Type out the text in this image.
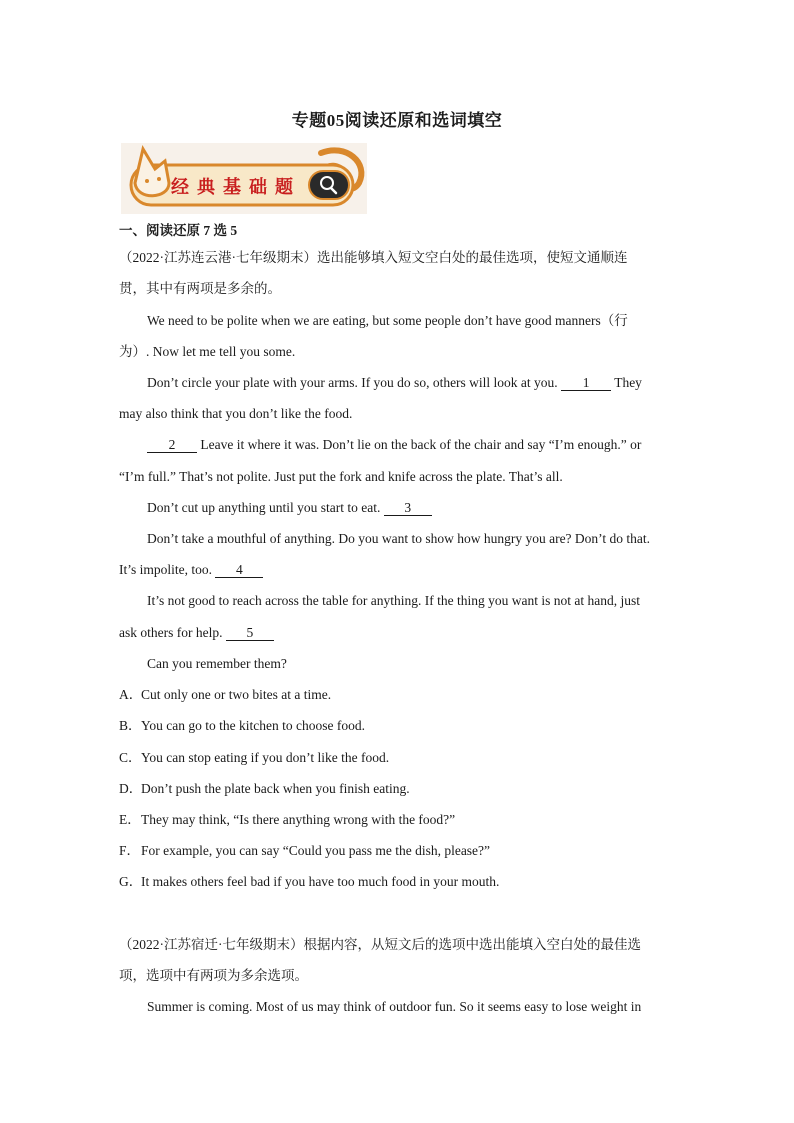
专题05阅读还原和选词填空
经典基础题
一、阅读还原 7 选 5
（2022·江苏连云港·七年级期末）选出能够填入短文空白处的最佳选项，使短文通顺连
贯，其中有两项是多余的。
We need to be polite when we are eating, but some people don’t have good manners（行
为）. Now let me tell you some.
Don’t circle your plate with your arms. If you do so, others will look at you. 1 They
may also think that you don’t like the food.
2 Leave it where it was. Don’t lie on the back of the chair and say “I’m enough.” or
“I’m full.” That’s not polite. Just put the fork and knife across the plate. That’s all.
Don’t cut up anything until you start to eat. 3
Don’t take a mouthful of anything. Do you want to show how hungry you are? Don’t do that.
It’s impolite, too. 4
It’s not good to reach across the table for anything. If the thing you want is not at hand, just
ask others for help. 5
Can you remember them?
A．Cut only one or two bites at a time.
B．You can go to the kitchen to choose food.
C．You can stop eating if you don’t like the food.
D．Don’t push the plate back when you finish eating.
E．They may think, “Is there anything wrong with the food?”
F．For example, you can say “Could you pass me the dish, please?”
G．It makes others feel bad if you have too much food in your mouth.
（2022·江苏宿迁·七年级期末）根据内容，从短文后的选项中选出能填入空白处的最佳选
项，选项中有两项为多余选项。
Summer is coming. Most of us may think of outdoor fun. So it seems easy to lose weight in
